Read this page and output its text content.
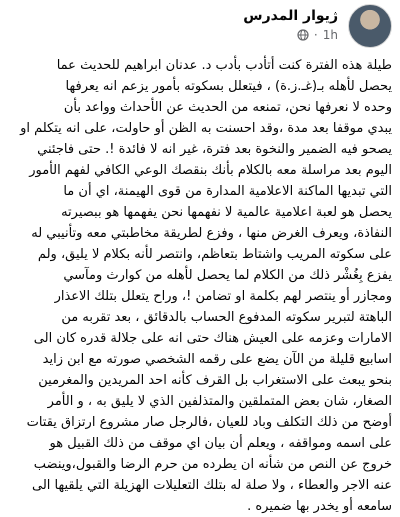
ژيوار المدرس
1h
·
طيلة هذه الفترة كنت أتأدب بأدب د. عدنان ابراهيم للحديث عما
يحصل لأهله بـ(غـ.ز.ة) ، فيتعلل بسكوته بأمور يزعم انه يعرفها
وحده لا نعرفها نحن، تمنعه من الحديث عن الأحداث وواعد بأن
يبدي موقفا بعد مدة ،وقد احسنت به الظن أو حاولت، على انه يتكلم او
يصحو فيه الضمير والنخوة بعد فترة، غير انه لا فائدة !. حتى فاجئني
اليوم بعد مراسلة معه بالكلام بأنك بنقصك الوعي الكافي لفهم الأمور
التي تبديها الماكنة الاعلامية المدارة من قوى الهيمنة، اي أن ما
يحصل هو لعبة اعلامية عالمية لا نفهمها نحن يفهمها هو ببصيرته
النفاذة، ويعرف الغرض منها ، وفزع لطريقة مخاطبتي معه وتأنيبي له
على سكوته المريب واشتاط بتعاظم، وانتصر لأنه بكلام لا يليق، ولم
يفزع بِغُشْر ذلك من الكلام لما يحصل لأهله من كوارث ومآسي
ومجازر أو ينتصر لهم بكلمة او تضامن !، وراح يتعلل بتلك الاعذار
الباهتة لتبرير سكوته المدفوع الحساب بالدقائق ، بعد تقربه من
الامارات وعزمه على العيش هناك حتى انه على جلالة قدره كان الى
اسابيع قليلة من الآن يضع على رقمه الشخصي صورته مع ابن زايد
بنحو يبعث على الاستغراب بل القرف كأنه احد المريدين والمغرمين
الصغار، شان بعض المتملقين والمتذلفين الذي لا يليق به ، و الأمر
أوضح من ذلك التكلف وباد للعيان ،فالرجل صار مشروع ارتزاق يقتات
على اسمه ومواقفه ، ويعلم أن بيان اي موقف من ذلك القبيل هو
خروج عن النص من شأنه ان يطرده من حرم الرضا والقبول،وينضب
عنه الاجر والعطاء ، ولا صلة له بتلك التعليلات الهزيلة التي يلقيها الى
سامعه أو يخدر بها ضميره .
